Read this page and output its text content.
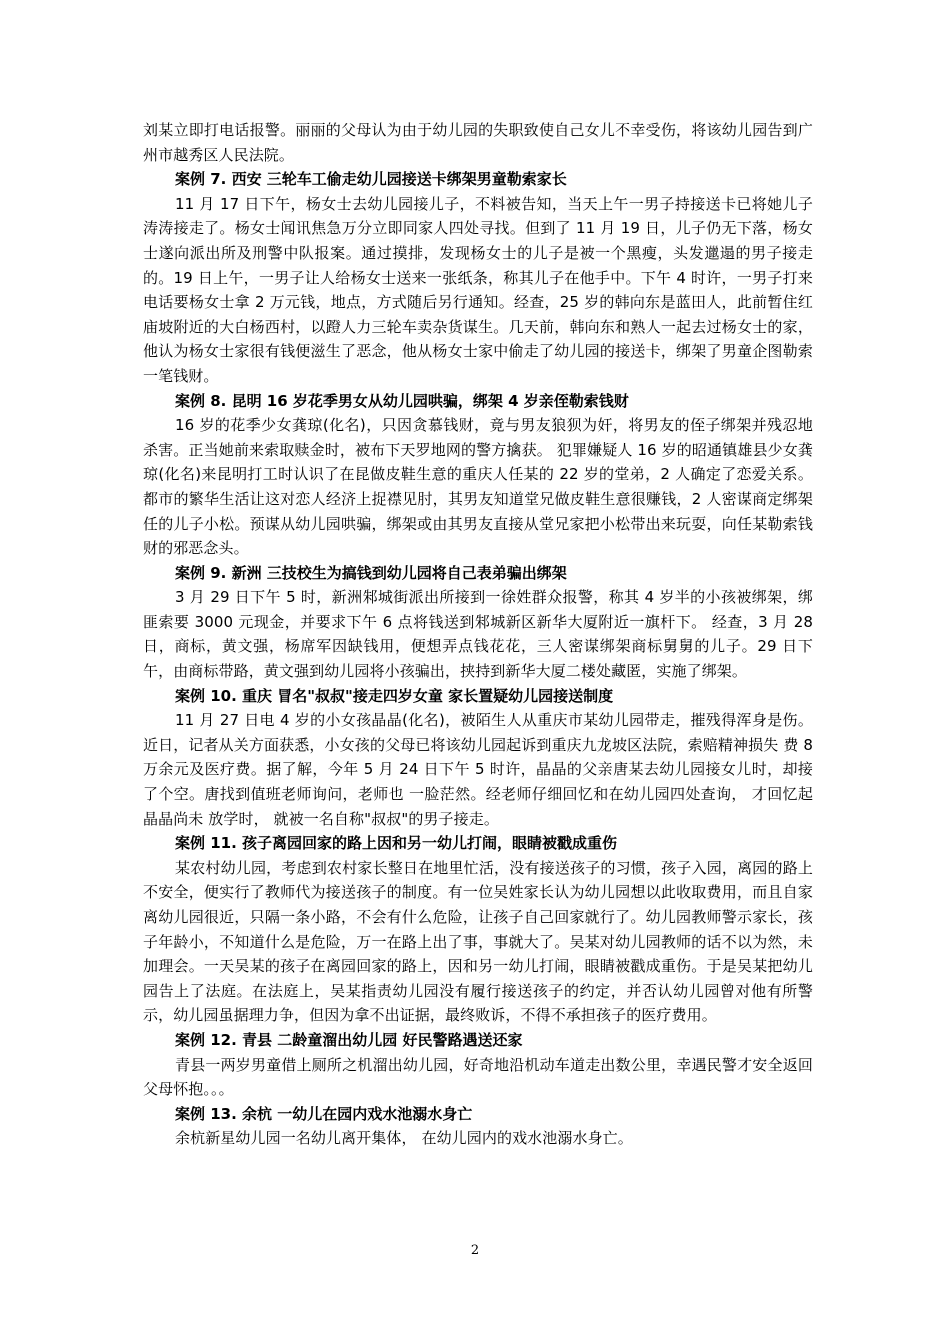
刘某立即打电话报警。丽丽的父母认为由于幼儿园的失职致使自己女儿不幸受伤，将该幼儿园告到广州市越秀区人民法院。

案例 7. 西安 三轮车工偷走幼儿园接送卡绑架男童勒索家长

11 月 17 日下午，杨女士去幼儿园接儿子，不料被告知，当天上午一男子持接送卡已将她儿子涛涛接走了。杨女士闻讯焦急万分立即同家人四处寻找。但到了 11 月 19 日，儿子仍无下落，杨女士遂向派出所及刑警中队报案。通过摸排，发现杨女士的儿子是被一个黑瘦，头发邋遢的男子接走的。19 日上午，一男子让人给杨女士送来一张纸条，称其儿子在他手中。下午 4 时许，一男子打来电话要杨女士拿 2 万元钱，地点，方式随后另行通知。经查，25 岁的韩向东是蓝田人，此前暂住红庙坡附近的大白杨西村，以蹬人力三轮车卖杂货谋生。几天前，韩向东和熟人一起去过杨女士的家，他认为杨女士家很有钱便滋生了恶念，他从杨女士家中偷走了幼儿园的接送卡，绑架了男童企图勒索一笔钱财。

案例 8. 昆明 16 岁花季男女从幼儿园哄骗，绑架 4 岁亲侄勒索钱财

16 岁的花季少女龚琼(化名)，只因贪慕钱财，竟与男友狼狈为奸，将男友的侄子绑架并残忍地杀害。正当她前来索取赎金时，被布下天罗地网的警方擒获。 犯罪嫌疑人 16 岁的昭通镇雄县少女龚琼(化名)来昆明打工时认识了在昆做皮鞋生意的重庆人任某的 22 岁的堂弟，2 人确定了恋爱关系。 都市的繁华生活让这对恋人经济上捉襟见肘，其男友知道堂兄做皮鞋生意很赚钱，2 人密谋商定绑架任的儿子小松。预谋从幼儿园哄骗，绑架或由其男友直接从堂兄家把小松带出来玩耍，向任某勒索钱财的邪恶念头。

案例 9. 新洲 三技校生为搞钱到幼儿园将自己表弟骗出绑架

3 月 29 日下午 5 时，新洲邾城街派出所接到一徐姓群众报警，称其 4 岁半的小孩被绑架，绑匪索要 3000 元现金，并要求下午 6 点将钱送到邾城新区新华大厦附近一旗杆下。 经查，3 月 28 日，商标，黄文强，杨席军因缺钱用，便想弄点钱花花，三人密谋绑架商标舅舅的儿子。29 日下午，由商标带路，黄文强到幼儿园将小孩骗出，挟持到新华大厦二楼处藏匿，实施了绑架。

案例 10. 重庆 冒名"叔叔"接走四岁女童 家长置疑幼儿园接送制度

11 月 27 日电 4 岁的小女孩晶晶(化名)，被陌生人从重庆市某幼儿园带走，摧残得浑身是伤。近日，记者从关方面获悉，小女孩的父母已将该幼儿园起诉到重庆九龙坡区法院，索赔精神损失 费 8 万余元及医疗费。据了解，今年 5 月 24 日下午 5 时许，晶晶的父亲唐某去幼儿园接女儿时，却接了个空。唐找到值班老师询问，老师也 一脸茫然。经老师仔细回忆和在幼儿园四处查询， 才回忆起晶晶尚未 放学时， 就被一名自称"叔叔"的男子接走。

案例 11. 孩子离园回家的路上因和另一幼儿打闹，眼睛被戳成重伤

某农村幼儿园，考虑到农村家长整日在地里忙活，没有接送孩子的习惯，孩子入园，离园的路上不安全，便实行了教师代为接送孩子的制度。有一位吴姓家长认为幼儿园想以此收取费用，而且自家离幼儿园很近，只隔一条小路，不会有什么危险，让孩子自己回家就行了。幼儿园教师警示家长，孩子年龄小，不知道什么是危险，万一在路上出了事，事就大了。吴某对幼儿园教师的话不以为然，未加理会。一天吴某的孩子在离园回家的路上，因和另一幼儿打闹，眼睛被戳成重伤。于是吴某把幼儿园告上了法庭。在法庭上，吴某指责幼儿园没有履行接送孩子的约定，并否认幼儿园曾对他有所警示，幼儿园虽据理力争，但因为拿不出证据，最终败诉，不得不承担孩子的医疗费用。

案例 12. 青县 二龄童溜出幼儿园 好民警路遇送还家

青县一两岁男童借上厕所之机溜出幼儿园，好奇地沿机动车道走出数公里，幸遇民警才安全返回父母怀抱。。。

案例 13. 余杭 一幼儿在园内戏水池溺水身亡

余杭新星幼儿园一名幼儿离开集体， 在幼儿园内的戏水池溺水身亡。

2
